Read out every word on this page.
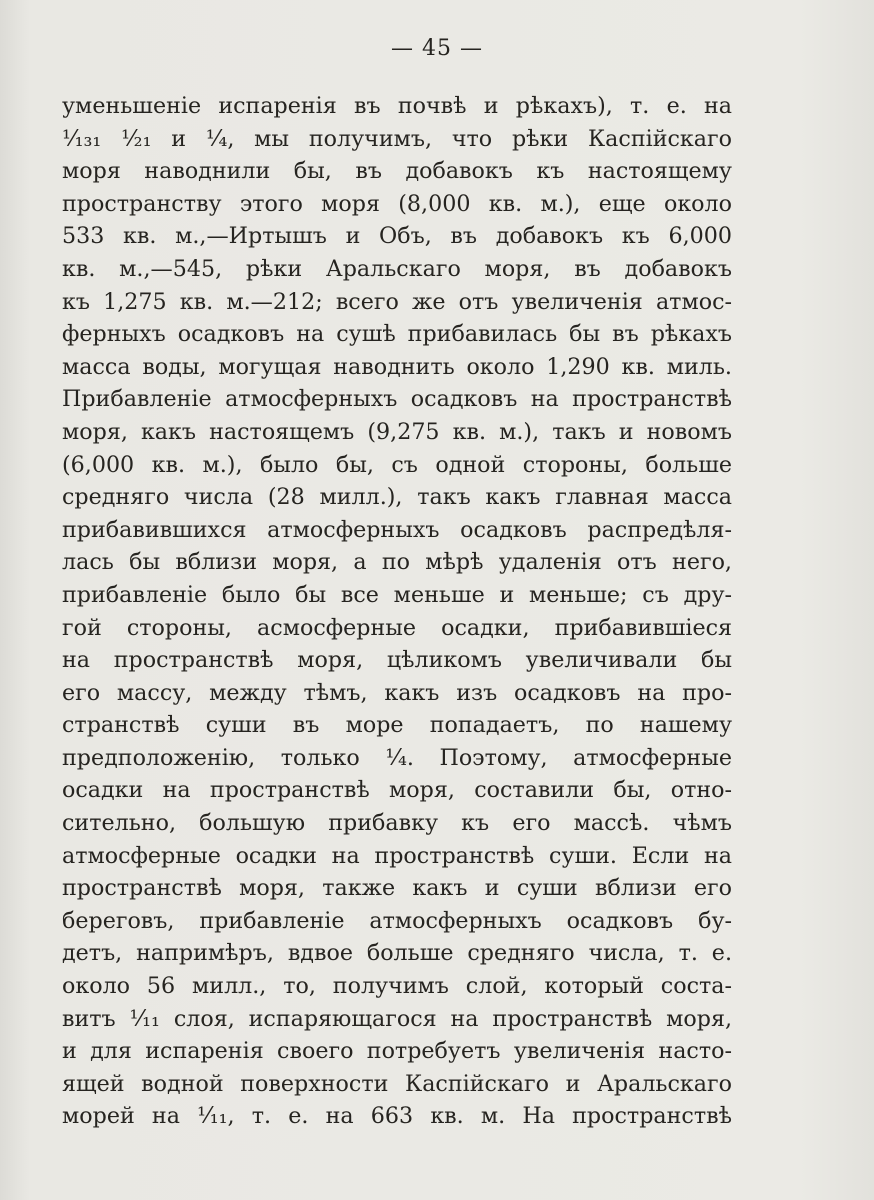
— 45 —
уменьшеніе испаренія въ почвѣ и рѣкахъ), т. е. на
¹⁄₁₃₁ ¹⁄₂₁ и ¹⁄₄, мы получимъ, что рѣки Каспійскаго
моря наводнили бы, въ добавокъ къ настоящему
пространству этого моря (8,000 кв. м.), еще около
533 кв. м.,—Иртышъ и Объ, въ добавокъ къ 6,000
кв. м.,—545, рѣки Аральскаго моря, въ добавокъ
къ 1,275 кв. м.—212; всего же отъ увеличенія атмос-
ферныхъ осадковъ на сушѣ прибавилась бы въ рѣкахъ
масса воды, могущая наводнить около 1,290 кв. миль.
Прибавленіе атмосферныхъ осадковъ на пространствѣ
моря, какъ настоящемъ (9,275 кв. м.), такъ и новомъ
(6,000 кв. м.), было бы, съ одной стороны, больше
средняго числа (28 милл.), такъ какъ главная масса
прибавившихся атмосферныхъ осадковъ распредѣля-
лась бы вблизи моря, а по мѣрѣ удаленія отъ него,
прибавленіе было бы все меньше и меньше; съ дру-
гой стороны, асмосферные осадки, прибавившіеся
на пространствѣ моря, цѣликомъ увеличивали бы
его массу, между тѣмъ, какъ изъ осадковъ на про-
странствѣ суши въ море попадаетъ, по нашему
предположенію, только ¹⁄₄. Поэтому, атмосферные
осадки на пространствѣ моря, составили бы, отно-
сительно, большую прибавку къ его массѣ. чѣмъ
атмосферные осадки на пространствѣ суши. Если на
пространствѣ моря, также какъ и суши вблизи его
береговъ, прибавленіе атмосферныхъ осадковъ бу-
детъ, напримѣръ, вдвое больше средняго числа, т. е.
около 56 милл., то, получимъ слой, который соста-
витъ ¹⁄₁₁ слоя, испаряющагося на пространствѣ моря,
и для испаренія своего потребуетъ увеличенія насто-
ящей водной поверхности Каспійскаго и Аральскаго
морей на ¹⁄₁₁, т. е. на 663 кв. м. На пространствѣ
